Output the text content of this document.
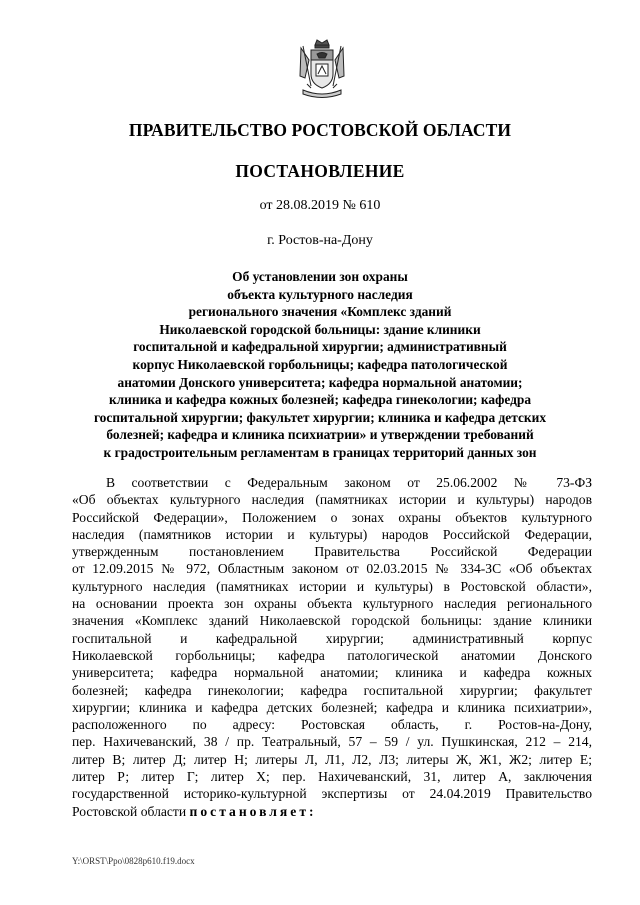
ПРАВИТЕЛЬСТВО РОСТОВСКОЙ ОБЛАСТИ
ПОСТАНОВЛЕНИЕ
от 28.08.2019 № 610
г. Ростов-на-Дону
Об установлении зон охраны
объекта культурного наследия
регионального значения «Комплекс зданий
Николаевской городской больницы: здание клиники
госпитальной и кафедральной хирургии; административный
корпус Николаевской горбольницы; кафедра патологической
анатомии Донского университета; кафедра нормальной анатомии;
клиника и кафедра кожных болезней; кафедра гинекологии; кафедра
госпитальной хирургии; факультет хирургии; клиника и кафедра детских
болезней; кафедра и клиника психиатрии» и утверждении требований
к градостроительным регламентам в границах территорий данных зон
В соответствии с Федеральным законом от 25.06.2002 № 73-ФЗ
«Об объектах культурного наследия (памятниках истории и культуры) народов
Российской Федерации», Положением о зонах охраны объектов культурного
наследия (памятников истории и культуры) народов Российской Федерации,
утвержденным постановлением Правительства Российской Федерации
от 12.09.2015 № 972, Областным законом от 02.03.2015 № 334-ЗС «Об объектах
культурного наследия (памятниках истории и культуры) в Ростовской области»,
на основании проекта зон охраны объекта культурного наследия регионального
значения «Комплекс зданий Николаевской городской больницы: здание клиники
госпитальной и кафедральной хирургии; административный корпус
Николаевской горбольницы; кафедра патологической анатомии Донского
университета; кафедра нормальной анатомии; клиника и кафедра кожных
болезней; кафедра гинекологии; кафедра госпитальной хирургии; факультет
хирургии; клиника и кафедра детских болезней; кафедра и клиника психиатрии»,
расположенного по адресу: Ростовская область, г. Ростов-на-Дону,
пер. Нахичеванский, 38 / пр. Театральный, 57 – 59 / ул. Пушкинская, 212 – 214,
литер В; литер Д; литер Н; литеры Л, Л1, Л2, Л3; литеры Ж, Ж1, Ж2; литер Е;
литер Р; литер Г; литер Х; пер. Нахичеванский, 31, литер А, заключения
государственной историко-культурной экспертизы от 24.04.2019 Правительство
Ростовской области постановляет:
Y:\ORST\Ppo\0828p610.f19.docx
